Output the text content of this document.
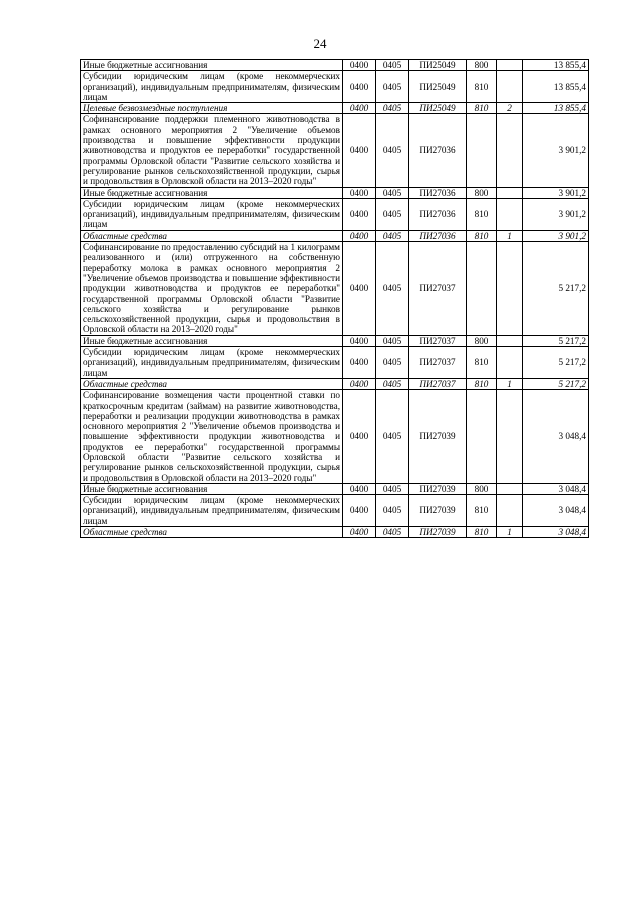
24
Иные бюджетные ассигнования	0400	0405	ПИ25049	800		13 855,4
Субсидии юридическим лицам (кроме некоммерческих организаций), индивидуальным предпринимателям, физическим лицам	0400	0405	ПИ25049	810		13 855,4
Целевые безвозмездные поступления	0400	0405	ПИ25049	810	2	13 855,4
Софинансирование поддержки племенного животноводства в рамках основного мероприятия 2 "Увеличение объемов производства и повышение эффективности продукции животноводства и продуктов ее переработки" государственной программы Орловской области "Развитие сельского хозяйства и регулирование рынков сельскохозяйственной продукции, сырья и продовольствия в Орловской области на 2013–2020 годы"	0400	0405	ПИ27036			3 901,2
Иные бюджетные ассигнования	0400	0405	ПИ27036	800		3 901,2
Субсидии юридическим лицам (кроме некоммерческих организаций), индивидуальным предпринимателям, физическим лицам	0400	0405	ПИ27036	810		3 901,2
Областные средства	0400	0405	ПИ27036	810	1	3 901,2
Софинансирование по предоставлению субсидий на 1 килограмм реализованного и (или) отгруженного на собственную переработку молока в рамках основного мероприятия 2 "Увеличение объемов производства и повышение эффективности продукции животноводства и продуктов ее переработки" государственной программы Орловской области "Развитие сельского хозяйства и регулирование рынков сельскохозяйственной продукции, сырья и продовольствия в Орловской области на 2013–2020 годы"	0400	0405	ПИ27037			5 217,2
Иные бюджетные ассигнования	0400	0405	ПИ27037	800		5 217,2
Субсидии юридическим лицам (кроме некоммерческих организаций), индивидуальным предпринимателям, физическим лицам	0400	0405	ПИ27037	810		5 217,2
Областные средства	0400	0405	ПИ27037	810	1	5 217,2
Софинансирование возмещения части процентной ставки по краткосрочным кредитам (займам) на развитие животноводства, переработки и реализации продукции животноводства в рамках основного мероприятия 2 "Увеличение объемов производства и повышение эффективности продукции животноводства и продуктов ее переработки" государственной программы Орловской области "Развитие сельского хозяйства и регулирование рынков сельскохозяйственной продукции, сырья и продовольствия в Орловской области на 2013–2020 годы"	0400	0405	ПИ27039			3 048,4
Иные бюджетные ассигнования	0400	0405	ПИ27039	800		3 048,4
Субсидии юридическим лицам (кроме некоммерческих организаций), индивидуальным предпринимателям, физическим лицам	0400	0405	ПИ27039	810		3 048,4
Областные средства	0400	0405	ПИ27039	810	1	3 048,4
